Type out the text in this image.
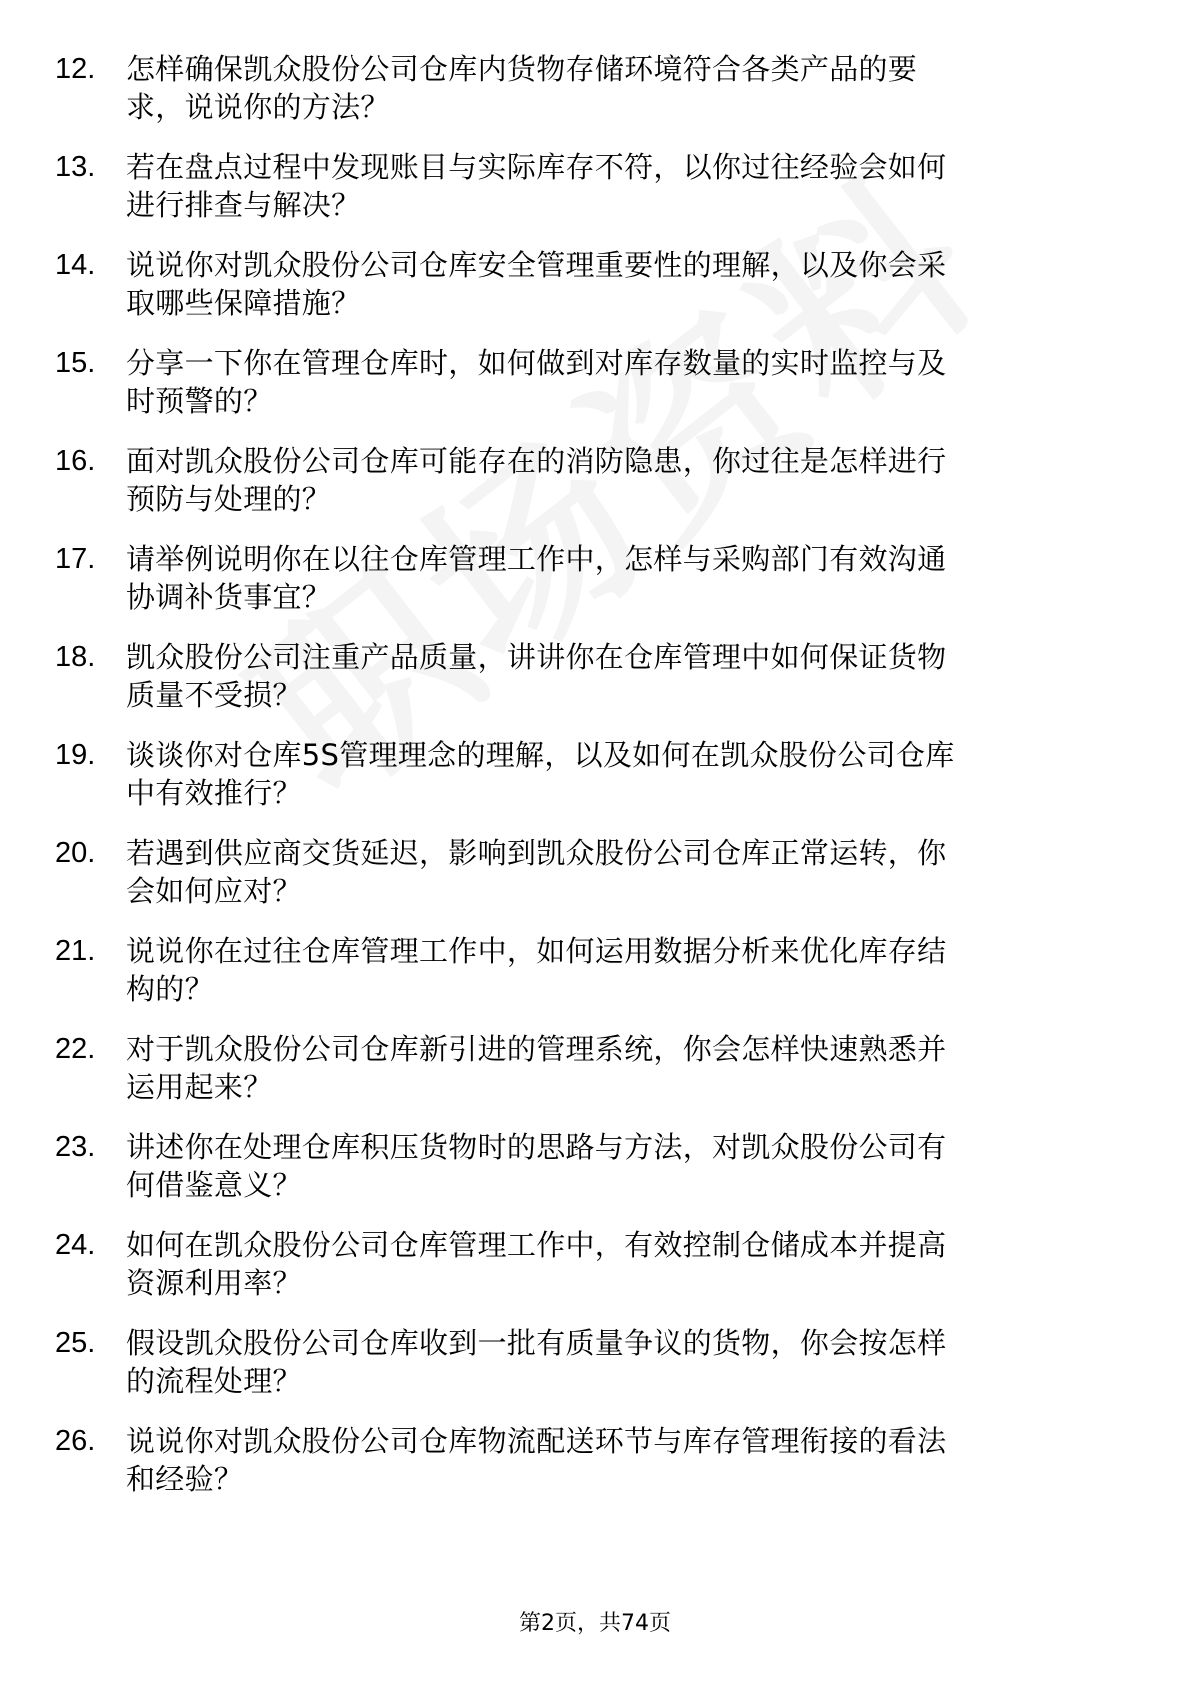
12.	怎样确保凯众股份公司仓库内货物存储环境符合各类产品的要
求，说说你的方法？
13.	若在盘点过程中发现账目与实际库存不符，以你过往经验会如何
进行排查与解决？
14.	说说你对凯众股份公司仓库安全管理重要性的理解，以及你会采
取哪些保障措施？
15.	分享一下你在管理仓库时，如何做到对库存数量的实时监控与及
时预警的？
16.	面对凯众股份公司仓库可能存在的消防隐患，你过往是怎样进行
预防与处理的？
17.	请举例说明你在以往仓库管理工作中，怎样与采购部门有效沟通
协调补货事宜？
18.	凯众股份公司注重产品质量，讲讲你在仓库管理中如何保证货物
质量不受损？
19.	谈谈你对仓库5S管理理念的理解，以及如何在凯众股份公司仓库
中有效推行？
20.	若遇到供应商交货延迟，影响到凯众股份公司仓库正常运转，你
会如何应对？
21.	说说你在过往仓库管理工作中，如何运用数据分析来优化库存结
构的？
22.	对于凯众股份公司仓库新引进的管理系统，你会怎样快速熟悉并
运用起来？
23.	讲述你在处理仓库积压货物时的思路与方法，对凯众股份公司有
何借鉴意义？
24.	如何在凯众股份公司仓库管理工作中，有效控制仓储成本并提高
资源利用率？
25.	假设凯众股份公司仓库收到一批有质量争议的货物，你会按怎样
的流程处理？
26.	说说你对凯众股份公司仓库物流配送环节与库存管理衔接的看法
和经验？
第2页，共74页
